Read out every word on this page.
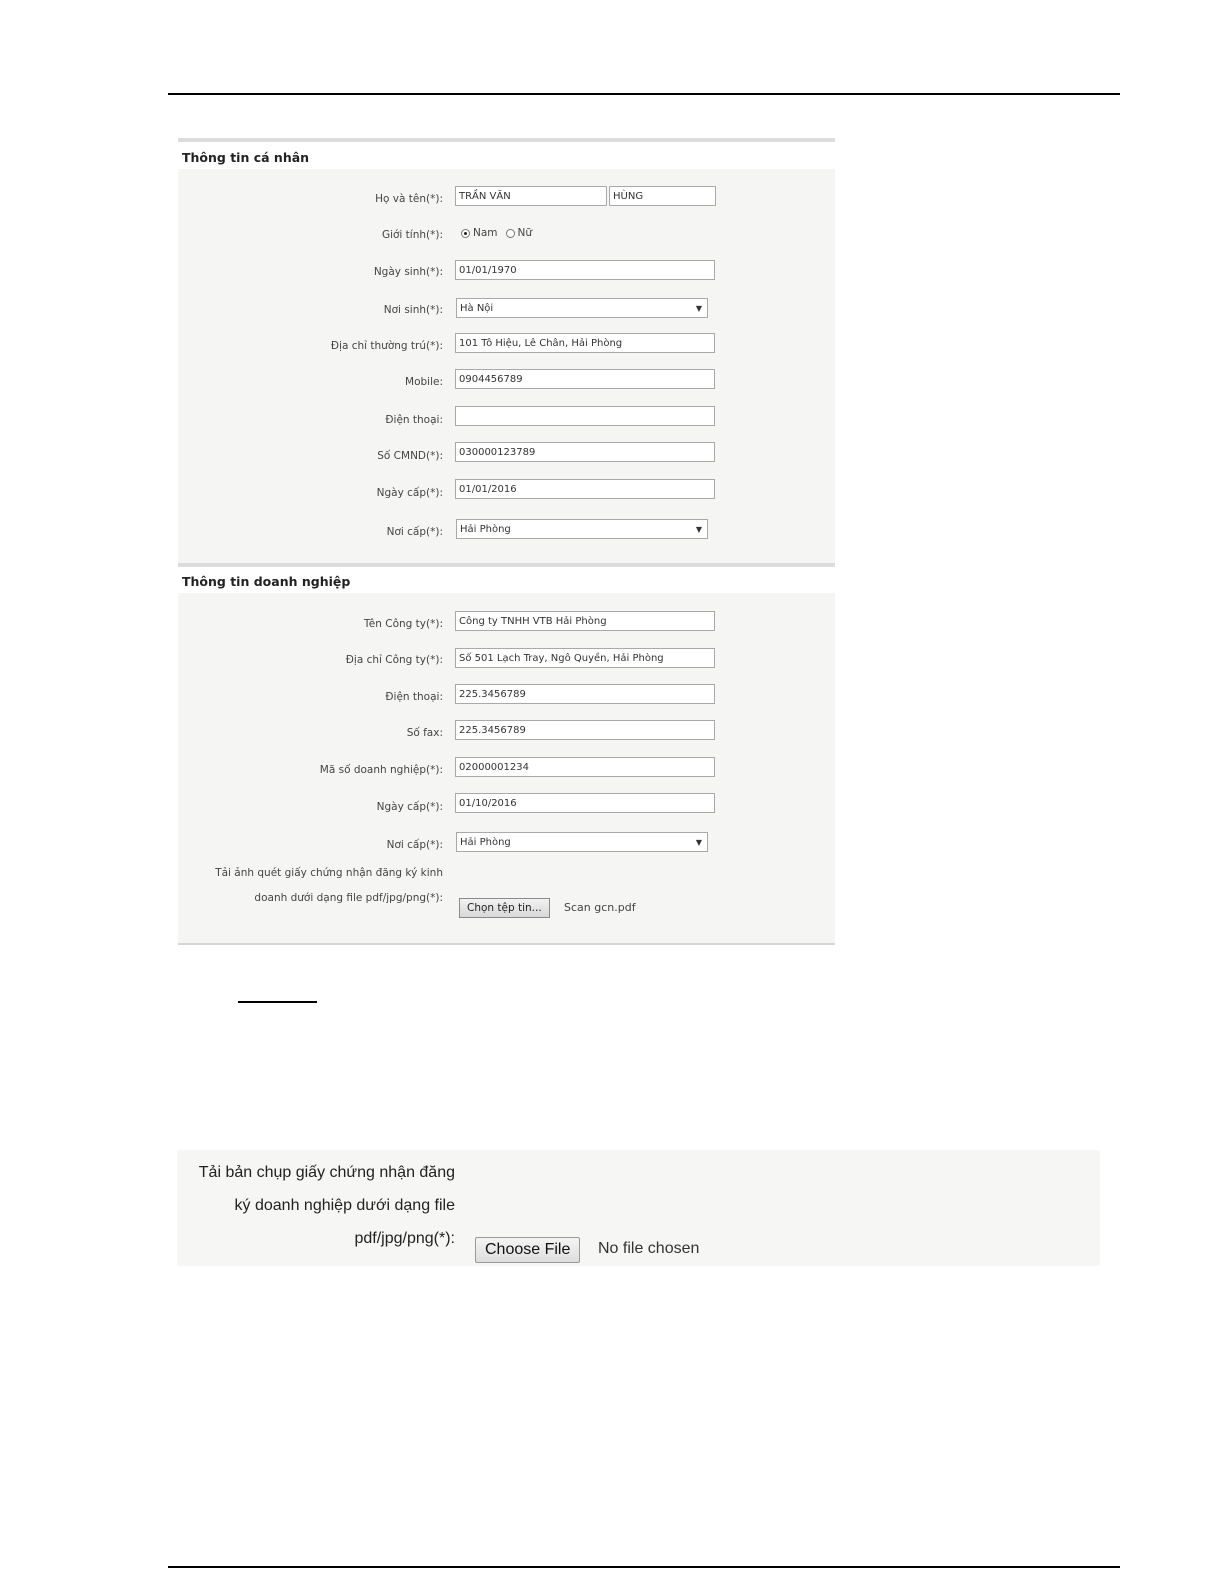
Thông tin cá nhân
Họ và tên(*):	TRẦN VĂN	HÙNG
Giới tính(*):	Nam Nữ
Ngày sinh(*):	01/01/1970
Nơi sinh(*):	Hà Nội	▼
Địa chỉ thường trú(*):	101 Tô Hiệu, Lê Chân, Hải Phòng
Mobile:	0904456789
Điện thoại:
Số CMND(*):	030000123789
Ngày cấp(*):	01/01/2016
Nơi cấp(*):	Hải Phòng	▼
Thông tin doanh nghiệp
Tên Công ty(*):	Công ty TNHH VTB Hải Phòng
Địa chỉ Công ty(*):	Số 501 Lạch Tray, Ngô Quyền, Hải Phòng
Điện thoại:	225.3456789
Số fax:	225.3456789
Mã số doanh nghiệp(*):	02000001234
Ngày cấp(*):	01/10/2016
Nơi cấp(*):	Hải Phòng	▼
Tải ảnh quét giấy chứng nhận đăng ký kinh
doanh dưới dạng file pdf/jpg/png(*):
Chọn tệp tin...	Scan gcn.pdf
Tải bản chụp giấy chứng nhận đăng
ký doanh nghiệp dưới dạng file
pdf/jpg/png(*):
Choose File	No file chosen
